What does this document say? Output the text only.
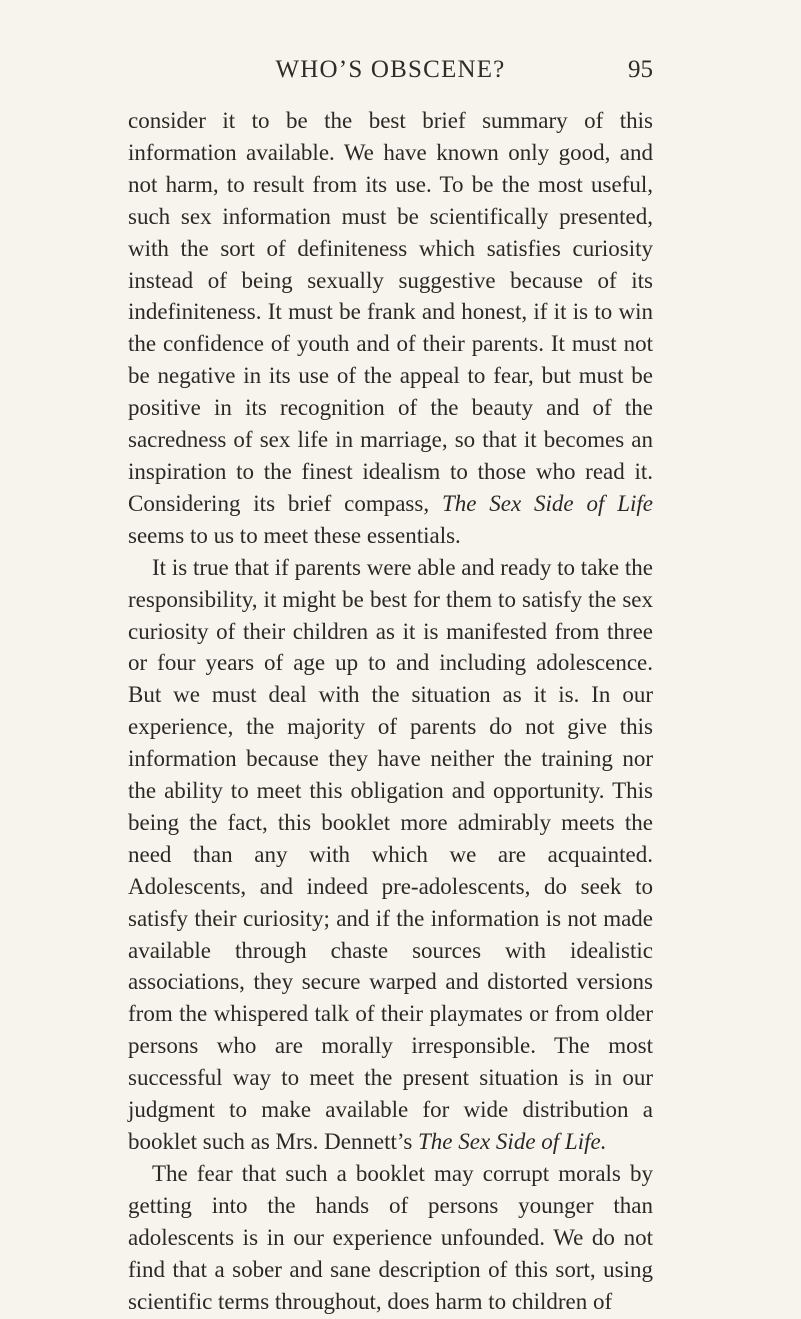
WHO’S OBSCENE?	95

consider it to be the best brief summary of this information available. We have known only good, and not harm, to result from its use. To be the most useful, such sex information must be scientifically presented, with the sort of definiteness which satisfies curiosity instead of being sexually suggestive because of its indefiniteness. It must be frank and honest, if it is to win the confidence of youth and of their parents. It must not be negative in its use of the appeal to fear, but must be positive in its recognition of the beauty and of the sacredness of sex life in marriage, so that it becomes an inspiration to the finest idealism to those who read it. Considering its brief compass, The Sex Side of Life seems to us to meet these essentials.

It is true that if parents were able and ready to take the responsibility, it might be best for them to satisfy the sex curiosity of their children as it is manifested from three or four years of age up to and including adolescence. But we must deal with the situation as it is. In our experience, the majority of parents do not give this information because they have neither the training nor the ability to meet this obligation and opportunity. This being the fact, this booklet more admirably meets the need than any with which we are acquainted. Adolescents, and indeed pre-adolescents, do seek to satisfy their curiosity; and if the information is not made available through chaste sources with idealistic associations, they secure warped and distorted versions from the whispered talk of their playmates or from older persons who are morally irresponsible. The most successful way to meet the present situation is in our judgment to make available for wide distribution a booklet such as Mrs. Dennett’s The Sex Side of Life.

The fear that such a booklet may corrupt morals by getting into the hands of persons younger than adolescents is in our experience unfounded. We do not find that a sober and sane description of this sort, using scientific terms throughout, does harm to children of
